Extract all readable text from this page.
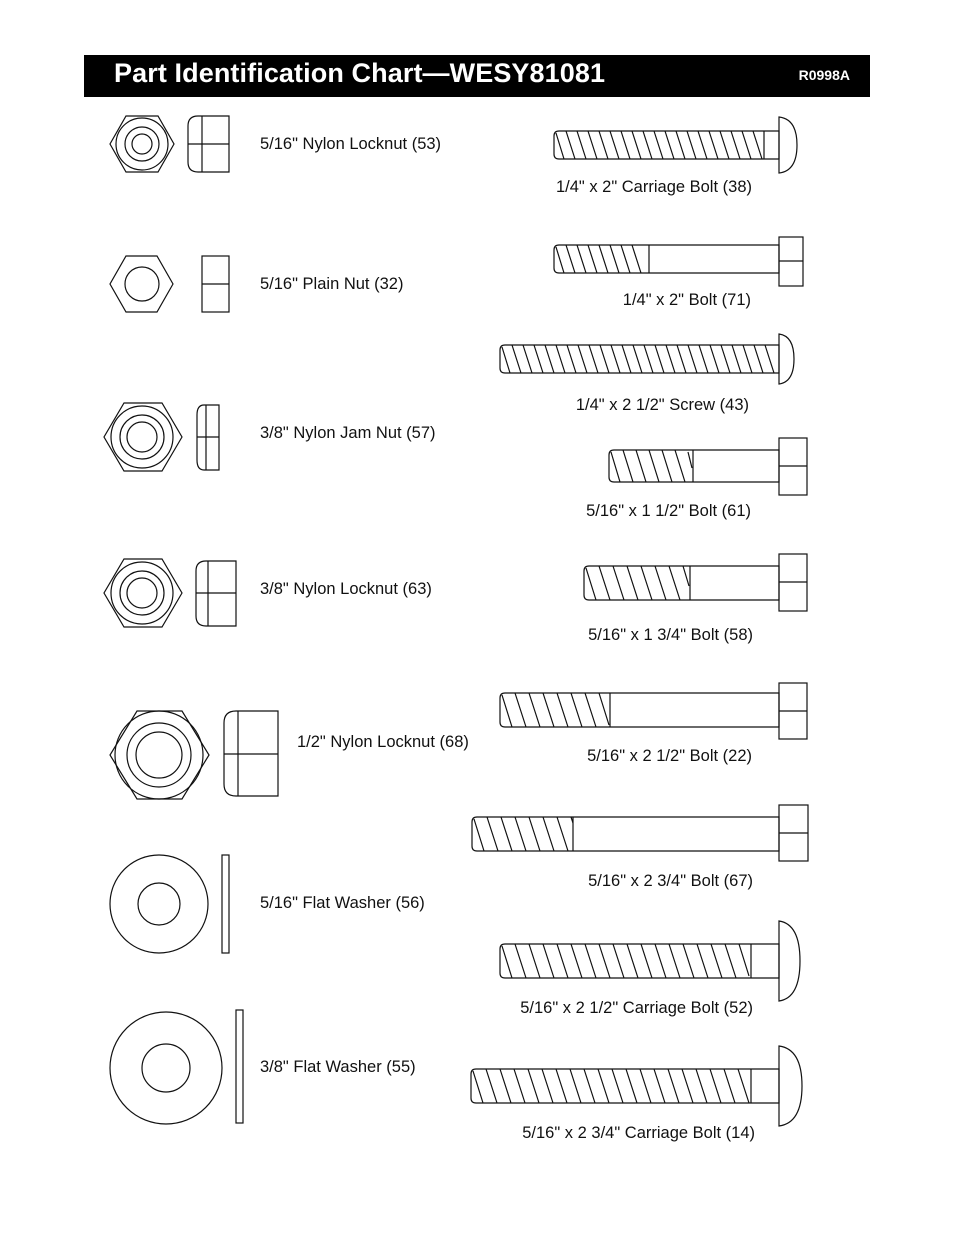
Part Identification Chart—WESY81081	R0998A
5/16" Nylon Locknut (53)
5/16" Plain Nut (32)
3/8" Nylon Jam Nut (57)
3/8" Nylon Locknut (63)
1/2" Nylon Locknut (68)
5/16" Flat Washer (56)
3/8" Flat Washer (55)
1/4" x 2" Carriage Bolt (38)
1/4" x 2" Bolt (71)
1/4" x 2 1/2" Screw (43)
5/16" x 1 1/2" Bolt (61)
5/16" x 1 3/4" Bolt (58)
5/16" x 2 1/2" Bolt (22)
5/16" x 2 3/4" Bolt (67)
5/16" x 2 1/2" Carriage Bolt (52)
5/16" x 2 3/4" Carriage Bolt (14)
